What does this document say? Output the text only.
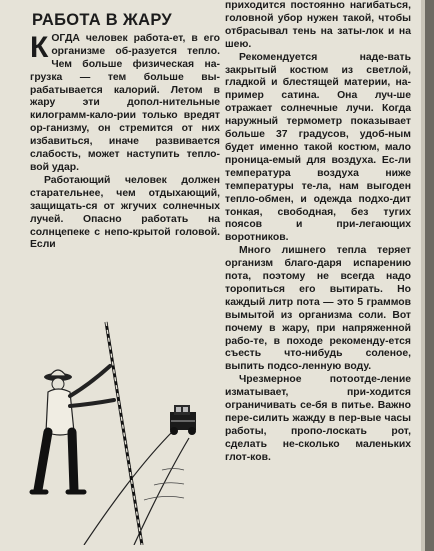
РАБОТА В ЖАРУ

КОГДА человек работа-ет, в его организме об-разуется тепло. Чем больше физическая на-грузка — тем больше вы-рабатывается калорий. Летом в жару эти допол-нительные килограмм-кало-рии только вредят ор-ганизму, он стремится от них избавиться, иначе развивается слабость, может наступить тепло-вой удар.

Работающий человек должен старательнее, чем отдыхающий, защищать-ся от жгучих солнечных лучей. Опасно работать на солнцепеке с непо-крытой головой. Если

приходится постоянно нагибаться, головной убор нужен такой, чтобы отбрасывал тень на заты-лок и на шею.

Рекомендуется наде-вать закрытый костюм из светлой, гладкой и блестящей материи, на-пример сатина. Она луч-ше отражает солнечные лучи. Когда наружный термометр показывает больше 37 градусов, удоб-ным будет именно такой костюм, мало проница-емый для воздуха. Ес-ли температура воздуха ниже температуры те-ла, нам выгоден тепло-обмен, и одежда подхо-дит тонкая, свободная, без тугих поясов и при-легающих воротников.

Много лишнего тепла теряет организм благо-даря испарению пота, поэтому не всегда надо торопиться его вытирать. Но каждый литр пота — это 5 граммов вымытой из организма соли. Вот почему в жару, при напряженной рабо-те, в походе рекоменду-ется съесть что-нибудь соленое, выпить подсо-ленную воду.

Чрезмерное потоотде-ление изматывает, при-ходится ограничивать се-бя в питье. Важно пере-силить жажду в пер-вые часы работы, пропо-лоскать рот, сделать не-сколько маленьких глот-ков.
